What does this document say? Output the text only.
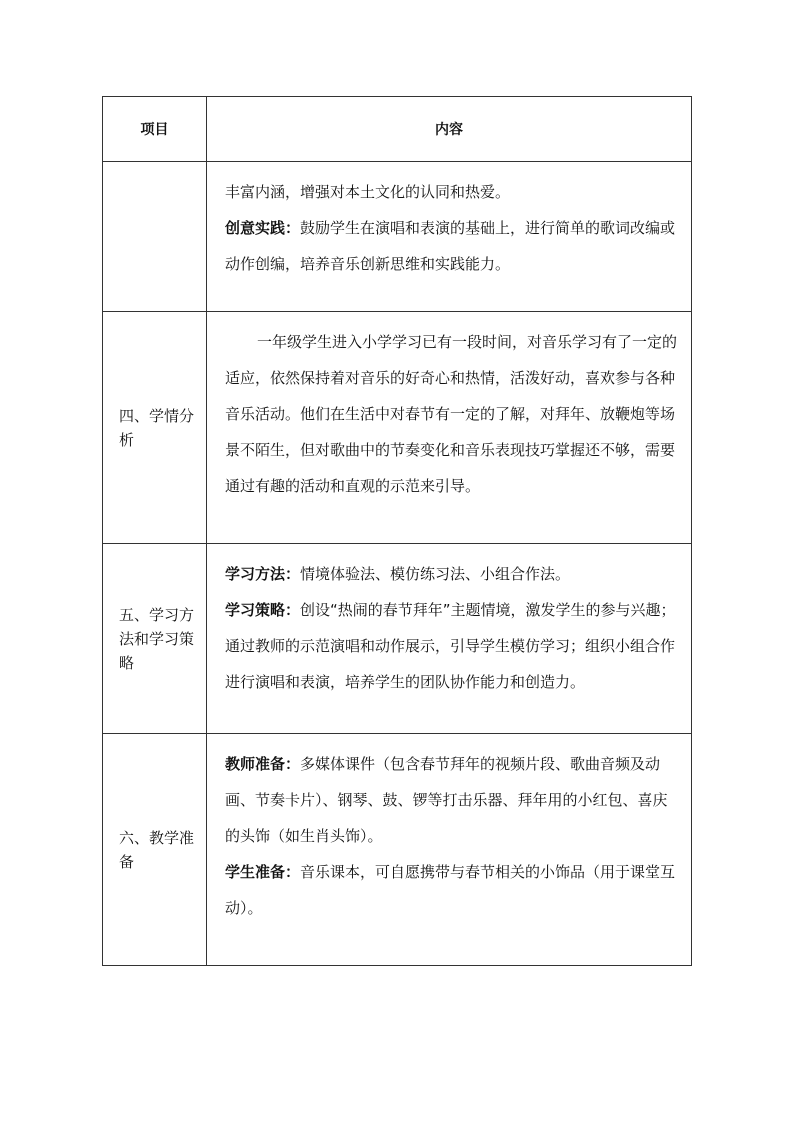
项目	内容

	丰富内涵，增强对本土文化的认同和热爱。

创意实践：鼓励学生在演唱和表演的基础上，进行简单的歌词改编或动作创编，培养音乐创新思维和实践能力。

四、学情分析	一年级学生进入小学学习已有一段时间，对音乐学习有了一定的适应，依然保持着对音乐的好奇心和热情，活泼好动，喜欢参与各种音乐活动。他们在生活中对春节有一定的了解，对拜年、放鞭炮等场景不陌生，但对歌曲中的节奏变化和音乐表现技巧掌握还不够，需要通过有趣的活动和直观的示范来引导。

五、学习方法和学习策略	学习方法：情境体验法、模仿练习法、小组合作法。

学习策略：创设“热闹的春节拜年”主题情境，激发学生的参与兴趣；通过教师的示范演唱和动作展示，引导学生模仿学习；组织小组合作进行演唱和表演，培养学生的团队协作能力和创造力。

六、教学准备	教师准备：多媒体课件（包含春节拜年的视频片段、歌曲音频及动画、节奏卡片）、钢琴、鼓、锣等打击乐器、拜年用的小红包、喜庆的头饰（如生肖头饰）。

学生准备：音乐课本，可自愿携带与春节相关的小饰品（用于课堂互动）。
